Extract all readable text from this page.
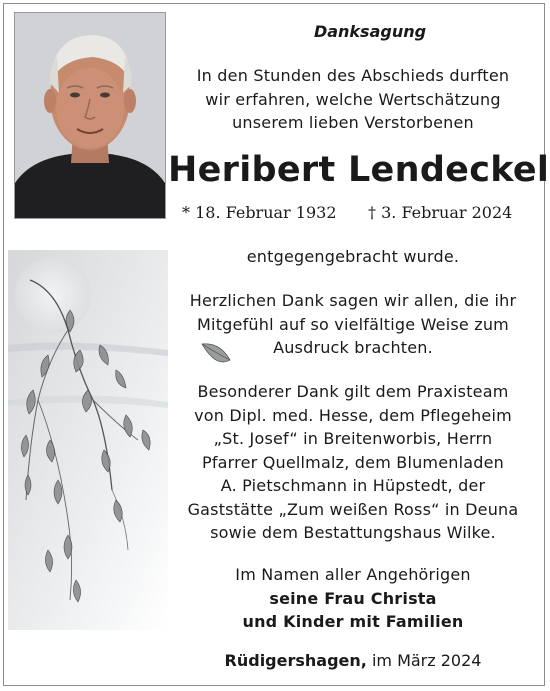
Danksagung
In den Stunden des Abschieds durften
wir erfahren, welche Wertschätzung
unserem lieben Verstorbenen
Heribert Lendeckel
* 18. Februar 1932 † 3. Februar 2024
entgegengebracht wurde.
Herzlichen Dank sagen wir allen, die ihr
Mitgefühl auf so vielfältige Weise zum
Ausdruck brachten.
Besonderer Dank gilt dem Praxisteam
von Dipl. med. Hesse, dem Pflegeheim
„St. Josef“ in Breitenworbis, Herrn
Pfarrer Quellmalz, dem Blumenladen
A. Pietschmann in Hüpstedt, der
Gaststätte „Zum weißen Ross“ in Deuna
sowie dem Bestattungshaus Wilke.
Im Namen aller Angehörigen
seine Frau Christa
und Kinder mit Familien
Rüdigershagen, im März 2024
